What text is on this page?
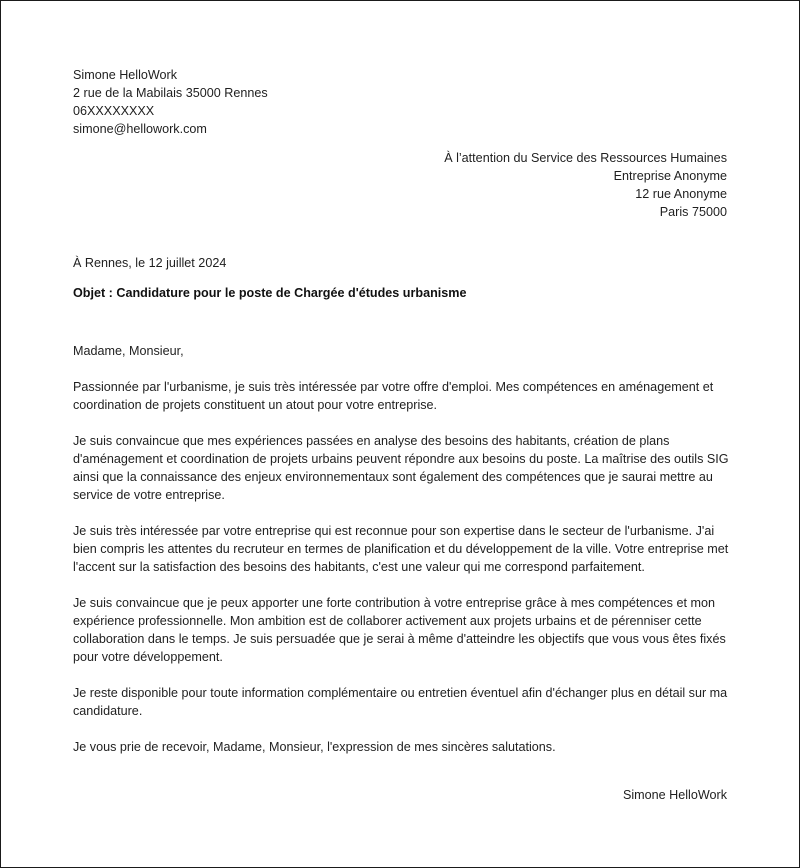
Simone HelloWork
2 rue de la Mabilais 35000 Rennes
06XXXXXXXX
simone@hellowork.com
À l’attention du Service des Ressources Humaines
Entreprise Anonyme
12 rue Anonyme
Paris 75000
À Rennes, le 12 juillet 2024
Objet : Candidature pour le poste de Chargée d'études urbanisme

Madame, Monsieur,

Passionnée par l'urbanisme, je suis très intéressée par votre offre d'emploi. Mes compétences en aménagement et coordination de projets constituent un atout pour votre entreprise.

Je suis convaincue que mes expériences passées en analyse des besoins des habitants, création de plans d'aménagement et coordination de projets urbains peuvent répondre aux besoins du poste. La maîtrise des outils SIG ainsi que la connaissance des enjeux environnementaux sont également des compétences que je saurai mettre au service de votre entreprise.

Je suis très intéressée par votre entreprise qui est reconnue pour son expertise dans le secteur de l'urbanisme. J'ai bien compris les attentes du recruteur en termes de planification et du développement de la ville. Votre entreprise met l'accent sur la satisfaction des besoins des habitants, c'est une valeur qui me correspond parfaitement.

Je suis convaincue que je peux apporter une forte contribution à votre entreprise grâce à mes compétences et mon expérience professionnelle. Mon ambition est de collaborer activement aux projets urbains et de pérenniser cette collaboration dans le temps. Je suis persuadée que je serai à même d'atteindre les objectifs que vous vous êtes fixés pour votre développement.

Je reste disponible pour toute information complémentaire ou entretien éventuel afin d'échanger plus en détail sur ma candidature.

Je vous prie de recevoir, Madame, Monsieur, l'expression de mes sincères salutations.

Simone HelloWork
